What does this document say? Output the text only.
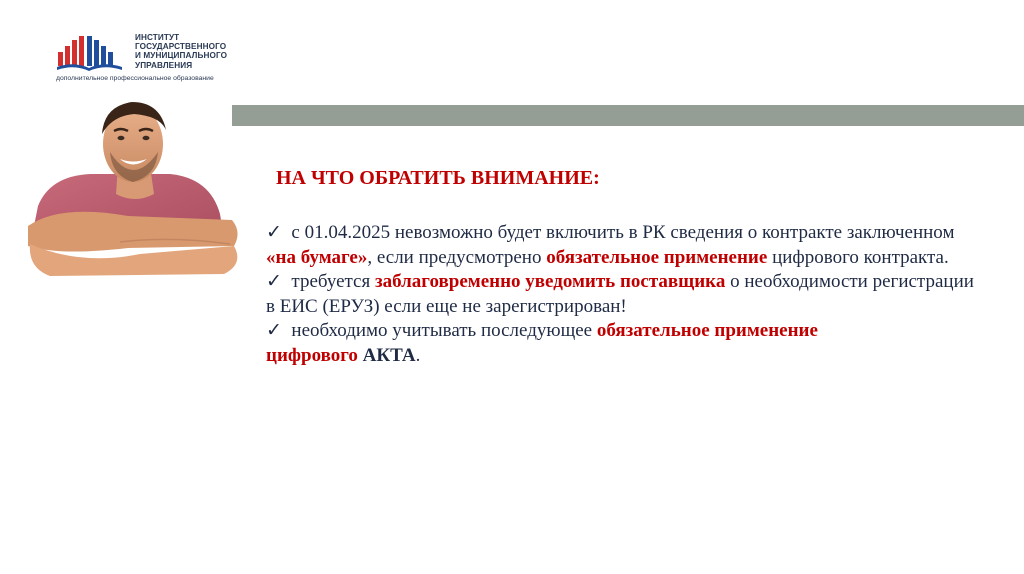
ИНСТИТУТ
ГОСУДАРСТВЕННОГО
И МУНИЦИПАЛЬНОГО
УПРАВЛЕНИЯ
дополнительное профессиональное образование
НА ЧТО ОБРАТИТЬ ВНИМАНИЕ:
✓ с 01.04.2025 невозможно будет включить в РК сведения о контракте заключенном «на бумаге», если предусмотрено обязательное применение цифрового контракта.
✓ требуется заблаговременно уведомить поставщика о необходимости регистрации в ЕИС (ЕРУЗ) если еще не зарегистрирован!
✓ необходимо учитывать последующее обязательное применение
цифрового АКТА.
